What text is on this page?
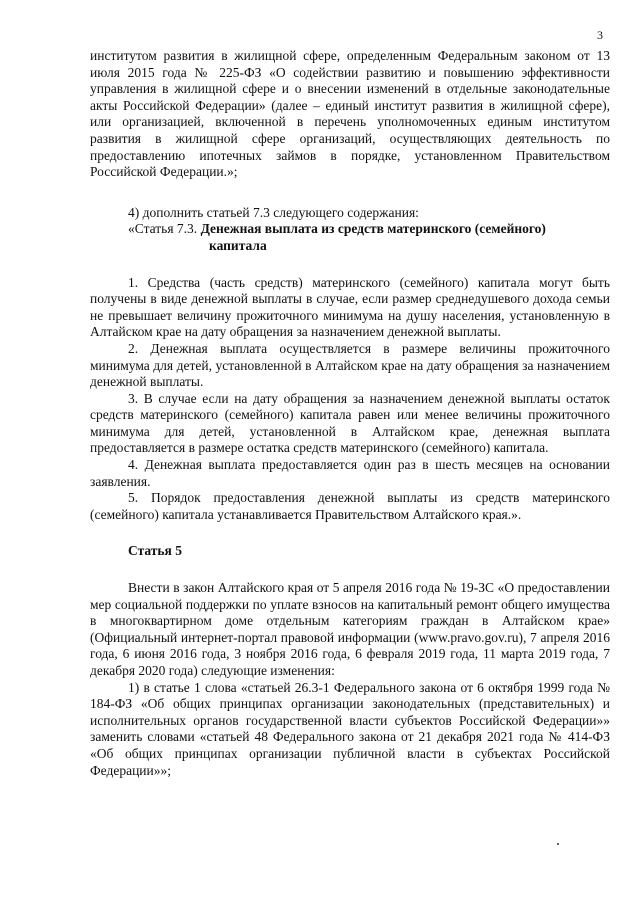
3

институтом развития в жилищной сфере, определенным Федеральным законом от 13 июля 2015 года № 225-ФЗ «О содействии развитию и повышению эффективности управления в жилищной сфере и о внесении изменений в отдельные законодательные акты Российской Федерации» (далее – единый институт развития в жилищной сфере), или организацией, включенной в перечень уполномоченных единым институтом развития в жилищной сфере организаций, осуществляющих деятельность по предоставлению ипотечных займов в порядке, установленном Правительством Российской Федерации.»;

4) дополнить статьей 7.3 следующего содержания:

«Статья 7.3. Денежная выплата из средств материнского (семейного)
капитала

1. Средства (часть средств) материнского (семейного) капитала могут быть получены в виде денежной выплаты в случае, если размер среднедушевого дохода семьи не превышает величину прожиточного минимума на душу населения, установленную в Алтайском крае на дату обращения за назначением денежной выплаты.

2. Денежная выплата осуществляется в размере величины прожиточного минимума для детей, установленной в Алтайском крае на дату обращения за назначением денежной выплаты.

3. В случае если на дату обращения за назначением денежной выплаты остаток средств материнского (семейного) капитала равен или менее величины прожиточного минимума для детей, установленной в Алтайском крае, денежная выплата предоставляется в размере остатка средств материнского (семейного) капитала.

4. Денежная выплата предоставляется один раз в шесть месяцев на основании заявления.

5. Порядок предоставления денежной выплаты из средств материнского (семейного) капитала устанавливается Правительством Алтайского края.».

Статья 5

Внести в закон Алтайского края от 5 апреля 2016 года № 19-ЗС «О предоставлении мер социальной поддержки по уплате взносов на капитальный ремонт общего имущества в многоквартирном доме отдельным категориям граждан в Алтайском крае» (Официальный интернет-портал правовой информации (www.pravo.gov.ru), 7 апреля 2016 года, 6 июня 2016 года, 3 ноября 2016 года, 6 февраля 2019 года, 11 марта 2019 года, 7 декабря 2020 года) следующие изменения:

1) в статье 1 слова «статьей 26.3-1 Федерального закона от 6 октября 1999 года № 184-ФЗ «Об общих принципах организации законодательных (представительных) и исполнительных органов государственной власти субъектов Российской Федерации»» заменить словами «статьей 48 Федерального закона от 21 декабря 2021 года № 414-ФЗ «Об общих принципах организации публичной власти в субъектах Российской Федерации»»;
